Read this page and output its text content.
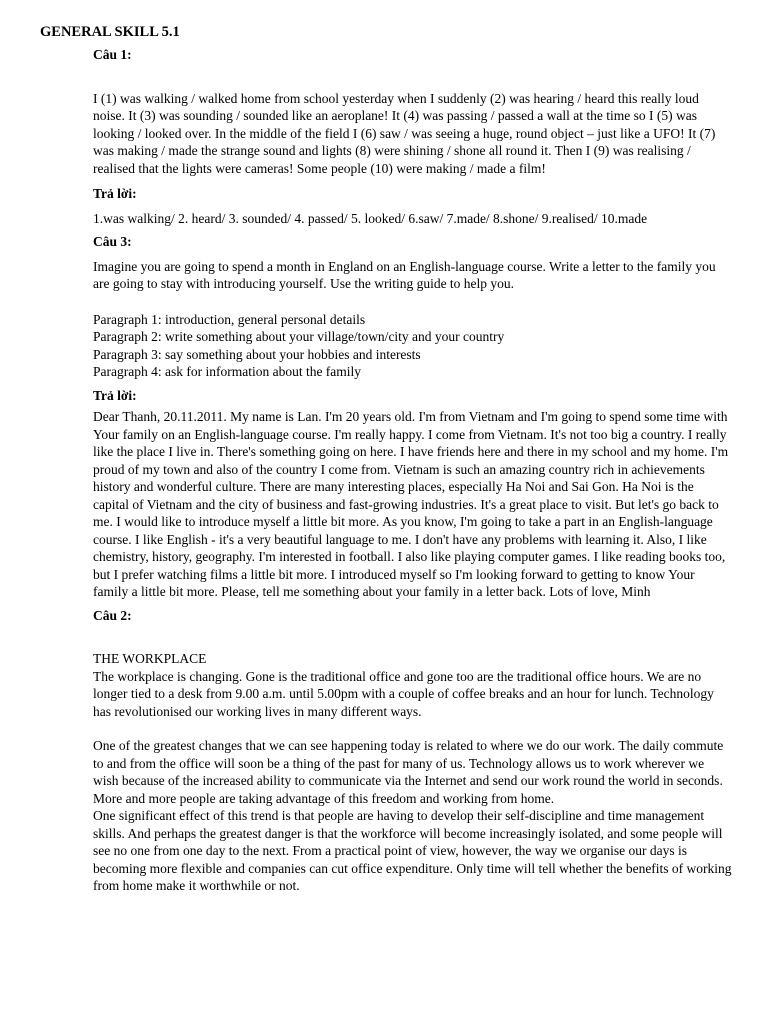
GENERAL SKILL 5.1

Câu 1:

I (1) was walking / walked home from school yesterday when I suddenly (2) was hearing / heard this really loud noise. It (3) was sounding / sounded like an aeroplane! It (4) was passing / passed a wall at the time so I (5) was looking / looked over. In the middle of the field I (6) saw / was seeing a huge, round object – just like a UFO! It (7) was making / made the strange sound and lights (8) were shining / shone all round it. Then I (9) was realising / realised that the lights were cameras! Some people (10) were making / made a film!

Trả lời:

1.was walking/ 2. heard/ 3. sounded/ 4. passed/ 5. looked/ 6.saw/ 7.made/ 8.shone/ 9.realised/ 10.made

Câu 3:

Imagine you are going to spend a month in England on an English-language course. Write a letter to the family you are going to stay with introducing yourself. Use the writing guide to help you.

Paragraph 1: introduction, general personal details

Paragraph 2: write something about your village/town/city and your country

Paragraph 3: say something about your hobbies and interests

Paragraph 4: ask for information about the family

Trả lời:

Dear Thanh, 20.11.2011. My name is Lan. I'm 20 years old. I'm from Vietnam and I'm going to spend some time with Your family on an English-language course. I'm really happy. I come from Vietnam. It's not too big a country. I really like the place I live in. There's something going on here. I have friends here and there in my school and my home. I'm proud of my town and also of the country I come from. Vietnam is such an amazing country rich in achievements history and wonderful culture. There are many interesting places, especially Ha Noi and Sai Gon. Ha Noi is the capital of Vietnam and the city of business and fast-growing industries. It's a great place to visit. But let's go back to me. I would like to introduce myself a little bit more. As you know, I'm going to take a part in an English-language course. I like English - it's a very beautiful language to me. I don't have any problems with learning it. Also, I like chemistry, history, geography. I'm interested in football. I also like playing computer games. I like reading books too, but I prefer watching films a little bit more. I introduced myself so I'm looking forward to getting to know Your family a little bit more. Please, tell me something about your family in a letter back. Lots of love, Minh

Câu 2:

THE WORKPLACE

The workplace is changing. Gone is the traditional office and gone too are the traditional office hours. We are no longer tied to a desk from 9.00 a.m. until 5.00pm with a couple of coffee breaks and an hour for lunch. Technology has revolutionised our working lives in many different ways.

One of the greatest changes that we can see happening today is related to where we do our work. The daily commute to and from the office will soon be a thing of the past for many of us. Technology allows us to work wherever we wish because of the increased ability to communicate via the Internet and send our work round the world in seconds. More and more people are taking advantage of this freedom and working from home.

One significant effect of this trend is that people are having to develop their self-discipline and time management skills. And perhaps the greatest danger is that the workforce will become increasingly isolated, and some people will see no one from one day to the next. From a practical point of view, however, the way we organise our days is becoming more flexible and companies can cut office expenditure. Only time will tell whether the benefits of working from home make it worthwhile or not.
